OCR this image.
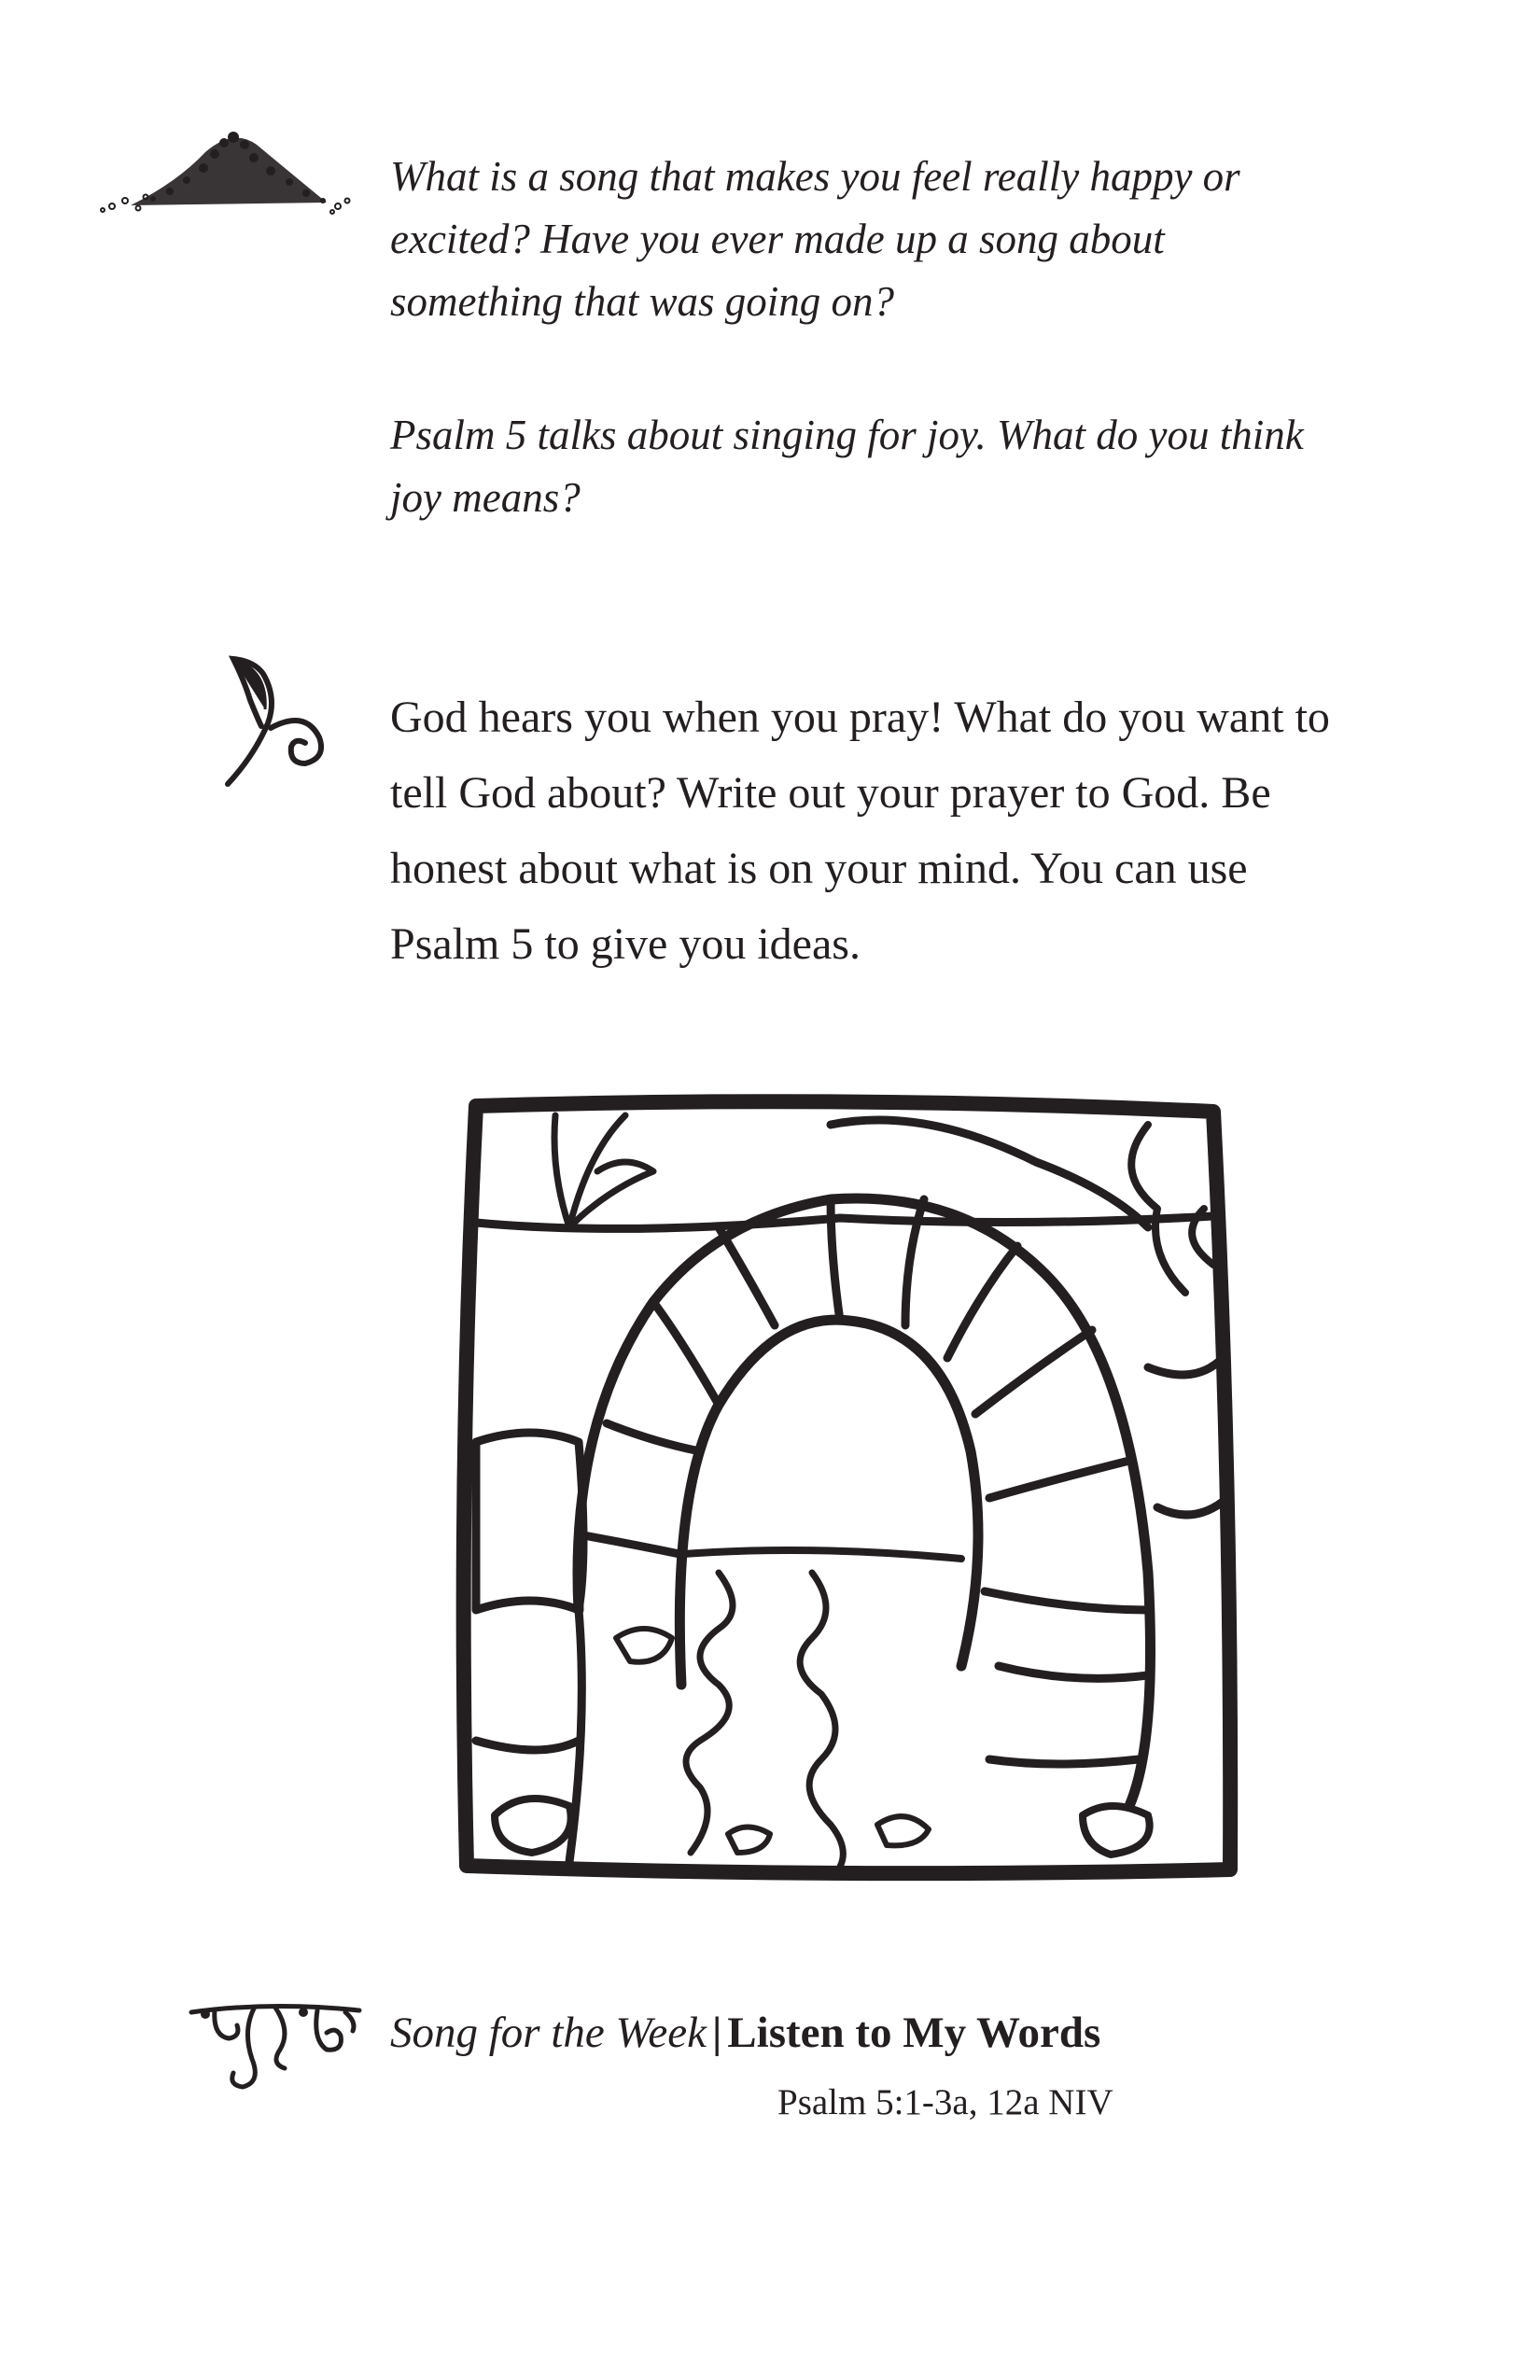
What is a song that makes you feel really happy or excited? Have you ever made up a song about something that was going on?

Psalm 5 talks about singing for joy. What do you think joy means?

God hears you when you pray! What do you want to tell God about? Write out your prayer to God. Be honest about what is on your mind. You can use Psalm 5 to give you ideas.

Song for the Week | Listen to My Words
Psalm 5:1-3a, 12a NIV
